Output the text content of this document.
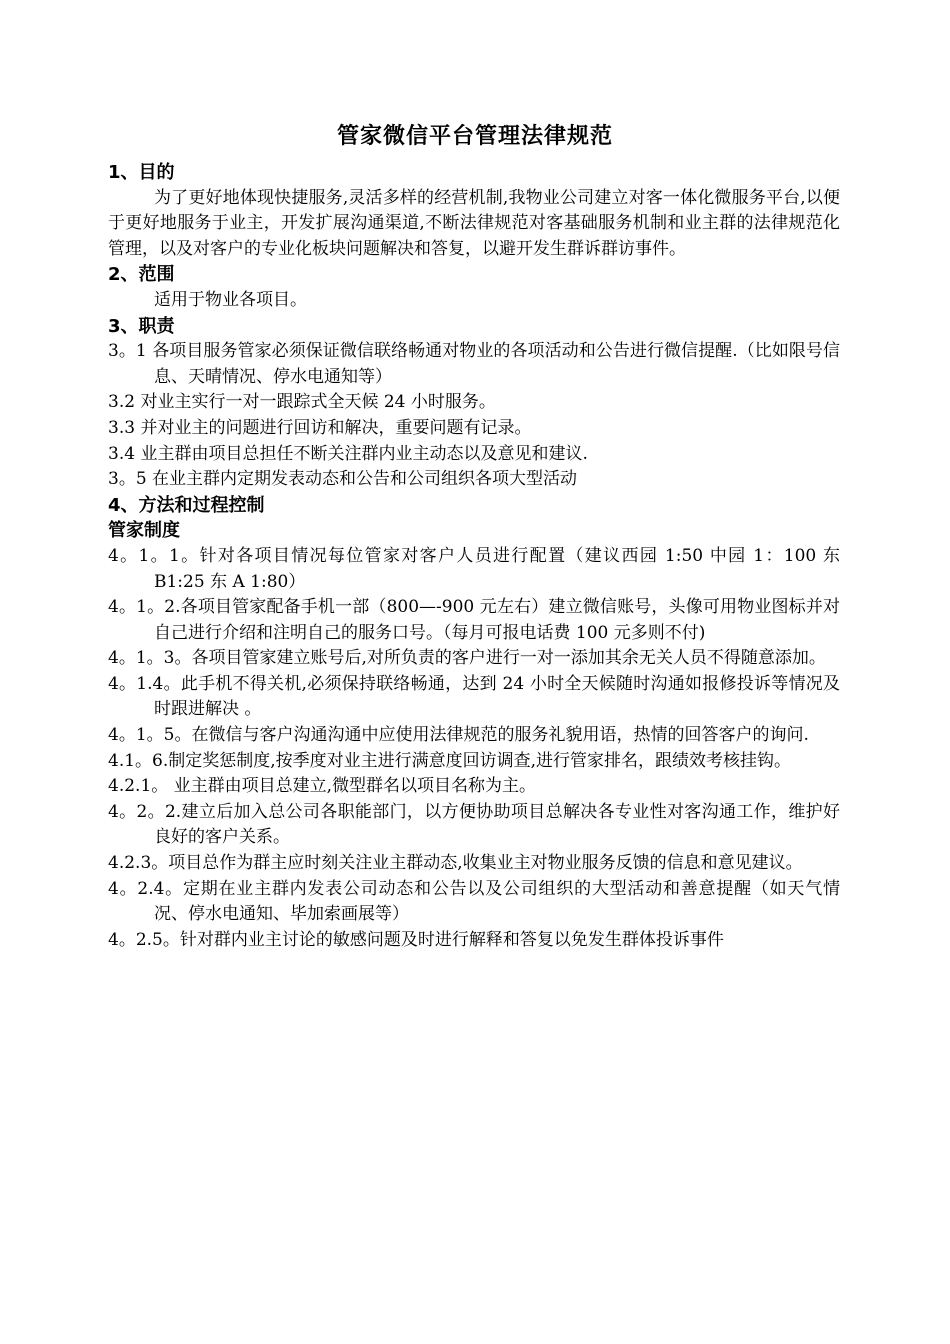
管家微信平台管理法律规范

1、目的

为了更好地体现快捷服务,灵活多样的经营机制,我物业公司建立对客一体化微服务平台,以便于更好地服务于业主，开发扩展沟通渠道,不断法律规范对客基础服务机制和业主群的法律规范化管理，以及对客户的专业化板块问题解决和答复，以避开发生群诉群访事件。

2、范围

适用于物业各项目。

3、职责

3。1 各项目服务管家必须保证微信联络畅通对物业的各项活动和公告进行微信提醒.（比如限号信息、天晴情况、停水电通知等）

3.2 对业主实行一对一跟踪式全天候 24 小时服务。

3.3 并对业主的问题进行回访和解决，重要问题有记录。

3.4 业主群由项目总担任不断关注群内业主动态以及意见和建议.

3。5 在业主群内定期发表动态和公告和公司组织各项大型活动

4、方法和过程控制

管家制度

4。1。1。针对各项目情况每位管家对客户人员进行配置（建议西园 1:50 中园 1：100 东 B1:25 东 A 1:80）

4。1。2.各项目管家配备手机一部（800—-900 元左右）建立微信账号，头像可用物业图标并对自己进行介绍和注明自己的服务口号。（每月可报电话费 100 元多则不付)

4。1。3。各项目管家建立账号后,对所负责的客户进行一对一添加其余无关人员不得随意添加。

4。1.4。此手机不得关机,必须保持联络畅通，达到 24 小时全天候随时沟通如报修投诉等情况及时跟进解决 。

4。1。5。在微信与客户沟通沟通中应使用法律规范的服务礼貌用语，热情的回答客户的询问.

4.1。6.制定奖惩制度,按季度对业主进行满意度回访调查,进行管家排名，跟绩效考核挂钩。

4.2.1。 业主群由项目总建立,微型群名以项目名称为主。

4。2。2.建立后加入总公司各职能部门，以方便协助项目总解决各专业性对客沟通工作，维护好良好的客户关系。

4.2.3。项目总作为群主应时刻关注业主群动态,收集业主对物业服务反馈的信息和意见建议。

4。2.4。定期在业主群内发表公司动态和公告以及公司组织的大型活动和善意提醒（如天气情况、停水电通知、毕加索画展等）

4。2.5。针对群内业主讨论的敏感问题及时进行解释和答复以免发生群体投诉事件
